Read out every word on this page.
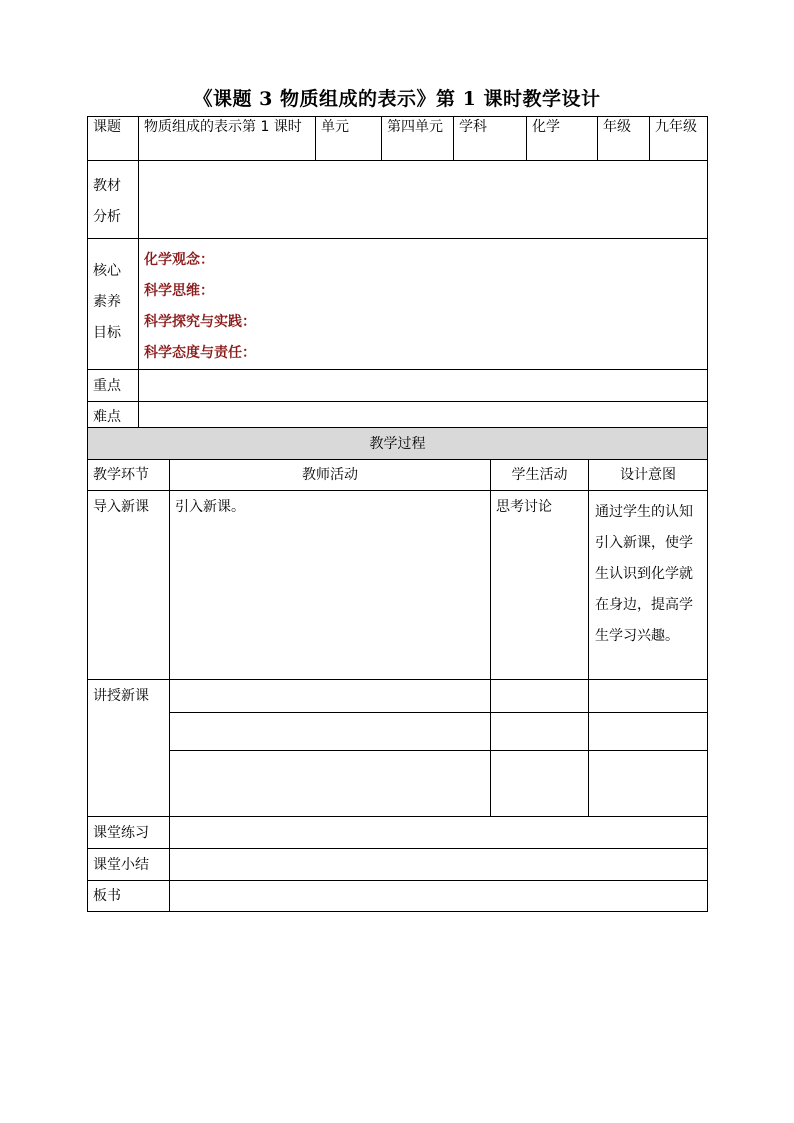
《课题 3 物质组成的表示》第 1 课时教学设计
课题	物质组成的表示第 1 课时	单元	第四单元	学科	化学	年级	九年级
教材分析							
核心素养目标	化学观念：
科学思维：
科学探究与实践：
科学态度与责任：						

重点							
难点							
教学过程			
教学环节	教师活动	学生活动	设计意图
导入新课	引入新课。	思考讨论	通过学生的认知引入新课，使学生认识到化学就在身边，提高学生学习兴趣。
讲授新课			

课堂练习			
课堂小结			
板书			
